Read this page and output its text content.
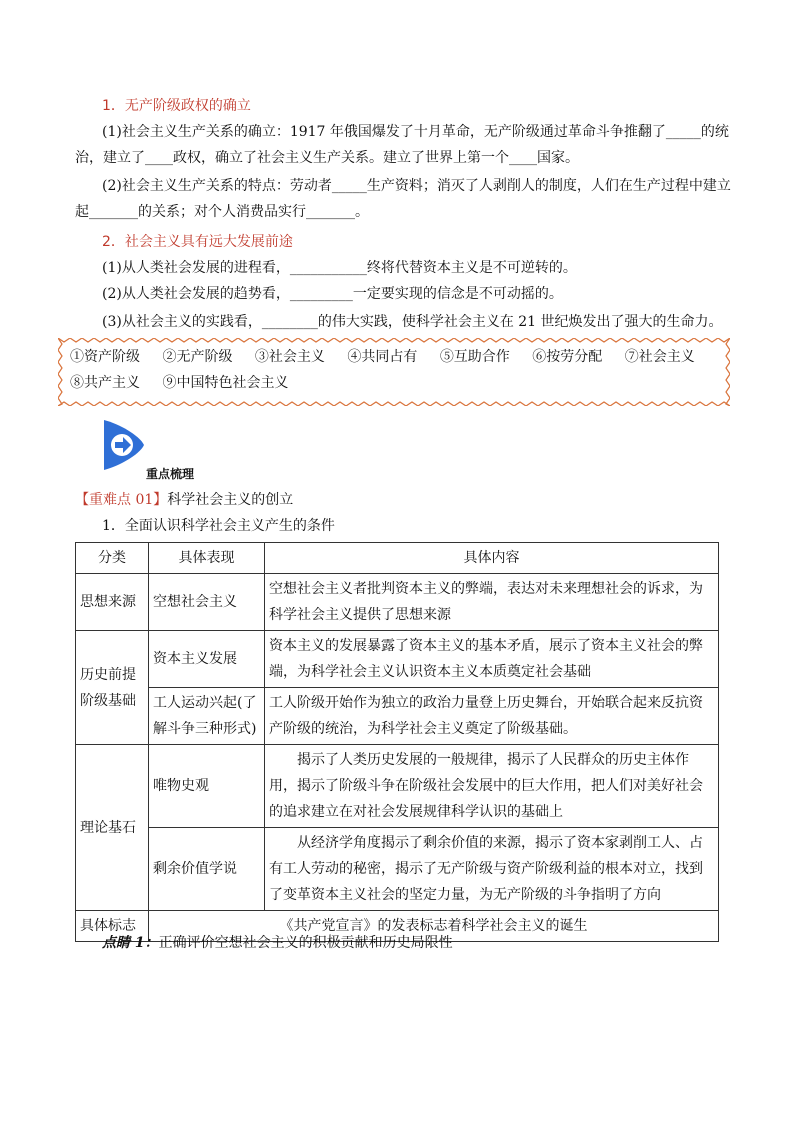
1．无产阶级政权的确立
(1)社会主义生产关系的确立：1917 年俄国爆发了十月革命，无产阶级通过革命斗争推翻了_____的统
治，建立了____政权，确立了社会主义生产关系。建立了世界上第一个____国家。
(2)社会主义生产关系的特点：劳动者_____生产资料；消灭了人剥削人的制度，人们在生产过程中建立
起_______的关系；对个人消费品实行_______。
2．社会主义具有远大发展前途
(1)从人类社会发展的进程看，___________终将代替资本主义是不可逆转的。
(2)从人类社会发展的趋势看，_________一定要实现的信念是不可动摇的。
(3)从社会主义的实践看，________的伟大实践，使科学社会主义在 21 世纪焕发出了强大的生命力。
①资产阶级 ②无产阶级 ③社会主义 ④共同占有 ⑤互助合作 ⑥按劳分配 ⑦社会主义 ⑧共产主义 ⑨中国特色社会主义
重点梳理
【重难点 01】科学社会主义的创立
1．全面认识科学社会主义产生的条件
分类	具体表现	具体内容
思想来源	空想社会主义	空想社会主义者批判资本主义的弊端，表达对未来理想社会的诉求，为科学社会主义提供了思想来源
历史前提阶级基础	资本主义发展	资本主义的发展暴露了资本主义的基本矛盾，展示了资本主义社会的弊端，为科学社会主义认识资本主义本质奠定社会基础
	工人运动兴起(了解斗争三种形式)	工人阶级开始作为独立的政治力量登上历史舞台，开始联合起来反抗资产阶级的统治，为科学社会主义奠定了阶级基础。
理论基石	唯物史观	揭示了人类历史发展的一般规律，揭示了人民群众的历史主体作用，揭示了阶级斗争在阶级社会发展中的巨大作用，把人们对美好社会的追求建立在对社会发展规律科学认识的基础上
	剩余价值学说	从经济学角度揭示了剩余价值的来源，揭示了资本家剥削工人、占有工人劳动的秘密，揭示了无产阶级与资产阶级利益的根本对立，找到了变革资本主义社会的坚定力量，为无产阶级的斗争指明了方向
具体标志	《共产党宣言》的发表标志着科学社会主义的诞生	
点睛 1：正确评价空想社会主义的积极贡献和历史局限性
